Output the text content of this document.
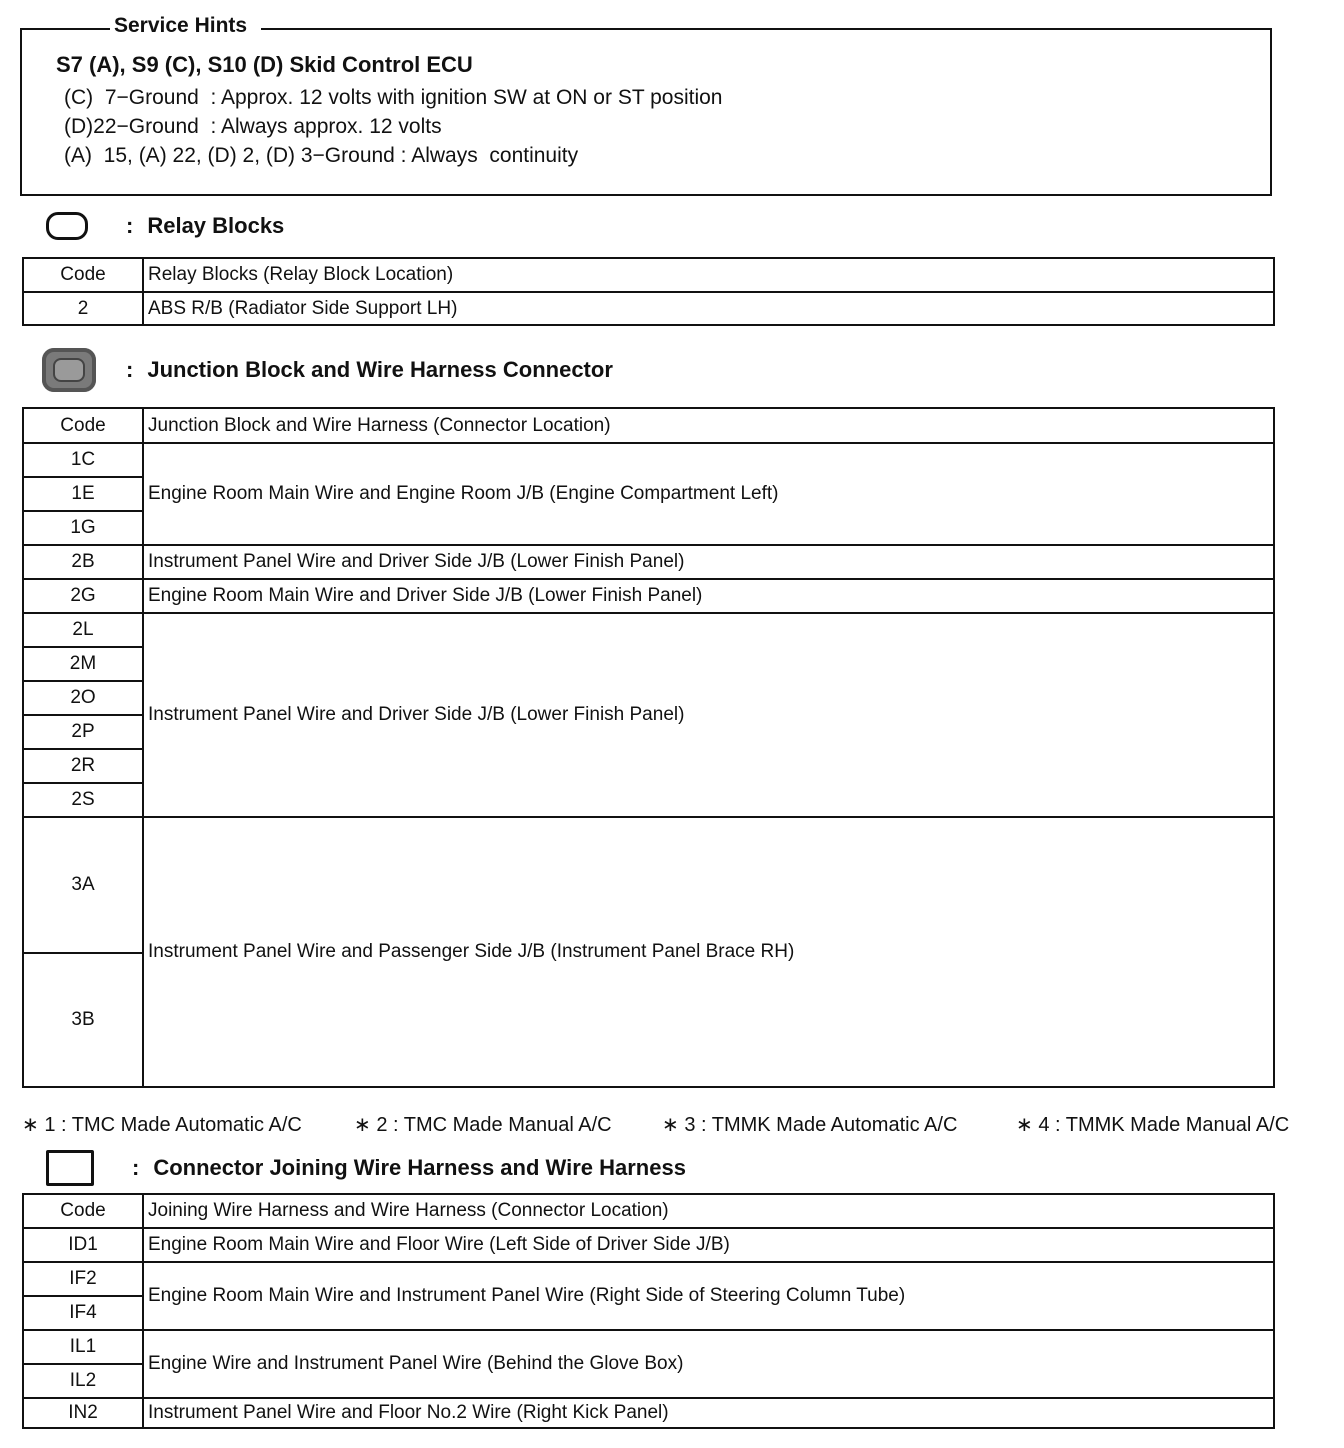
S7 (A), S9 (C), S10 (D) Skid Control ECU
(C)  7−Ground  : Approx. 12 volts with ignition SW at ON or ST position
(D)22−Ground  : Always approx. 12 volts
(A)  15, (A) 22, (D) 2, (D) 3−Ground : Always  continuity
Service Hints
: Relay Blocks
Code	Relay Blocks (Relay Block Location)
2	ABS R/B (Radiator Side Support LH)
: Junction Block and Wire Harness Connector
Code	Junction Block and Wire Harness (Connector Location)
1C	Engine Room Main Wire and Engine Room J/B (Engine Compartment Left)
1E	
1G	
2B	Instrument Panel Wire and Driver Side J/B (Lower Finish Panel)
2G	Engine Room Main Wire and Driver Side J/B (Lower Finish Panel)
2L	Instrument Panel Wire and Driver Side J/B (Lower Finish Panel)
2M	
2O	
2P	
2R	
2S	
3A	Instrument Panel Wire and Passenger Side J/B (Instrument Panel Brace RH)
3B	
∗ 1 : TMC Made Automatic A/C	∗ 2 : TMC Made Manual A/C	∗ 3 : TMMK Made Automatic A/C	∗ 4 : TMMK Made Manual A/C
: Connector Joining Wire Harness and Wire Harness
Code	Joining Wire Harness and Wire Harness (Connector Location)
ID1	Engine Room Main Wire and Floor Wire (Left Side of Driver Side J/B)
IF2	Engine Room Main Wire and Instrument Panel Wire (Right Side of Steering Column Tube)
IF4	
IL1	Engine Wire and Instrument Panel Wire (Behind the Glove Box)
IL2	
IN2	Instrument Panel Wire and Floor No.2 Wire (Right Kick Panel)
